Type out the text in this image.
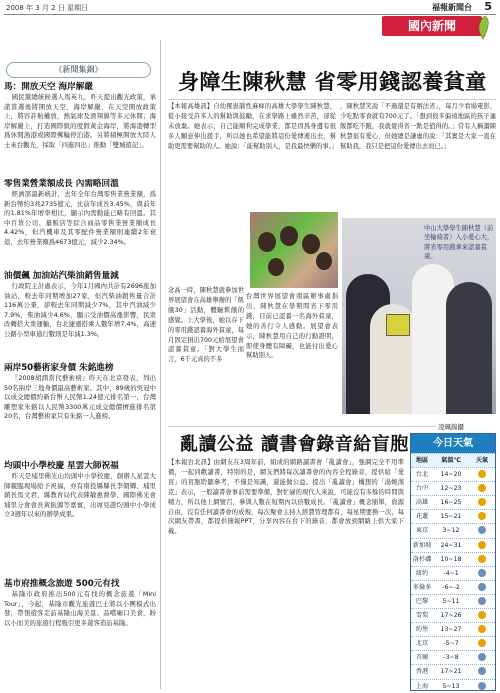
2008 年 3 月 2 日 星期日	福報新聞台 5
國內新聞
《新聞集錦》
馬：開放天空 海岸解嚴

國民黨總統候選人馬英九，昨天提出觀光政策，承諾當選後將開放天空、海岸解嚴，在天空開放政策上，將容許航權放，熱氣球及滑翔翼等多元休閒；海岸解嚴上，打造國際級的度假黃金海岸，將海港轉型爲休閒漁港或國際郵輪停泊港。另將積極開放大陸人士來台觀光，採取「四進四出」推動「雙城遊記」。

零售業營業額成長 內需略回溫

經濟部最新統計，去年全年台灣零售業營業額，爲新台幣約3兆2735億元，比前年成長3.45%，與前年的1.81%年增率相比，顯示內需動能已略有回溫。其中百貨公司、量販店等綜合商品零售業營業額成長4.42%，但汽機車及其零配件營業額則連續2年衰退，去年營業額爲4673億元，減少2.34%。

油價飆 加油站汽柴油銷售量減

行政院主計處表示，今年1月國內共計有2696座加油站，較去年同期增加27家，但汽柴油銷售量合計116萬公秉，卻較去年同期減少7%，其中汽油減少7.9%，柴油減少4.6%，顯示受油價高漲影響，民衆改轉搭大衆運輸，台北捷運搭乘人數年增7.4%，高速公路小型車通行數則是年減1.3%。

兩岸50藝術家身價 朱銘進榜

『2008胡潤當代藝術榜』昨天在北京發表，列出50名兩岸三地身價最高藝術家。其中，89歲的吳冠中以成交總價約新台幣人民幣1.24億元排名第一，台灣雕塑家朱銘以人民幣3300萬元成交總價擠進排名第20名，台灣藝術家只有朱銘一人進榜。

均頭中小學校慶 星雲大師祝福

昨天是埔里佛光山均頭中小學校慶，創辦人星雲大師親臨現場給予祝福，亦有南投縣縣長李朝卿、埔里鎮長馬文君、縣教育局代表陳敏惠督學、國際佛光會埔里分會會長黃振源等嘉賓，出席見證均頭中小學成立3週年以來的辦學成果。

基市府推概念旅遊 500元有找

基隆市政府推出500元有找的概念旅遊「Mini Tour」，今起，基隆市觀光旅遊巴士將以小團模式出發，帶領遊客走訪基隆山海美景、品嚐廟口美食，盼以小而美的旅遊行程吸引更多遊客造訪基隆。

身障生陳秋慧 省零用錢認養貧童
【本報高雄訊】自幼罹患腦性麻痺的高雄大學學生陳秋慧，從小接受許多人的幫助與鼓勵，在求學路上雖然辛苦，卻從未放棄。她表示，自己能順利完成學業，都是因爲身邊有很多人願意伸出援手，所以她也希望能將這份愛傳遞出去，幫助更需要幫助的人。她說：「能幫助別人，是我最快樂的事。」
，陳秋慧笑說「不過還是有辦法省」，每月少看場電影、少吃點零食就有700元了。「想到很多偏遠地區的孩子連飯都吃不飽，我就覺得省一點是值得的。」常有人稱讚陳秋慧很有愛心，但她總是謙虛的說：「其實是大家一直在幫助我，我只是把這份愛傳出去而已。」
念高一時，陳秋慧就參加世界展望會在高雄舉辦的「飢餓30」活動，體驗飢餓的感覺。上大學後，她以存下的零用錢認養海外貧童，每月固定捐出700元給展望會認養貧童。「對大學生而言，6千元真的不多
台灣世界展望會南區辦事處指出，陳秋慧在學期間省下零用錢，目前已認養一名海外貧童，她的善行令人感動。展望會表示，陳秋慧用自己的行動證明，即使身體有障礙，也能付出愛心幫助別人。
中山大學學生陳秋慧（前坐輪椅者）入小愛心大，將省零用錢拿來認養貧童。
凌珮錦攝
亂讀公益 讀書會錄音給盲胞
【本報台北訊】由網友在3周年前，組成的網路讀書會「亂讀會」，強調完全不用準備，一起同歡讀書，特別的是，網友們將每次讀書會的內容全程錄音，提供給「愛盲」的盲胞聆聽參考，不僅是知識，還能做公益。提出「亂讀會」構想的「湯婉漢克」表示，一般讀書會事前需要準備，對忙碌的現代人來說，可能沒有多餘的時間與精力，所以他上網號召，參與人數在短期內以倍數成長。「亂讀會」概念簡單，資源自由，沒有任何讀書會的成規，每次聚會主持人經費管理都有，每星期要換一次，每次網友帶書，都提供簡報PPT、分享內容在台下的錄音，都會放到網路上供大家下載。
今日天氣
地區	氣溫℃	天氣
台北	14~20
台中	12~23
高雄	16~25
花蓮	15~21
東京	3~12
新加坡	24~31
洛杉磯	10~18
紐約	-4~1
多倫多	-6~-2
巴黎	5~11
雪梨	17~26
約堡	13~27
北京	-5~7
首爾	-3~8
香港	17~21
上海	5~13
